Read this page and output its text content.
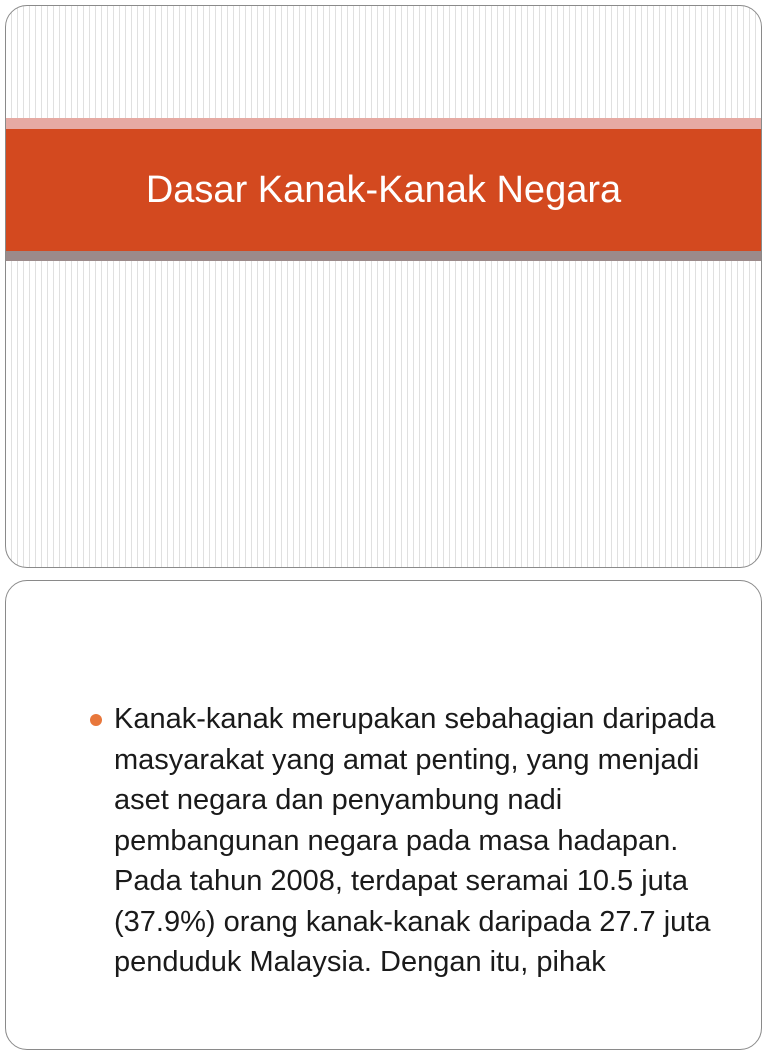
Dasar Kanak-Kanak Negara
Kanak-kanak merupakan sebahagian daripada masyarakat yang amat penting, yang menjadi aset negara dan penyambung nadi pembangunan negara pada masa hadapan. Pada tahun 2008, terdapat seramai 10.5 juta (37.9%) orang kanak-kanak daripada 27.7 juta penduduk Malaysia. Dengan itu, pihak
